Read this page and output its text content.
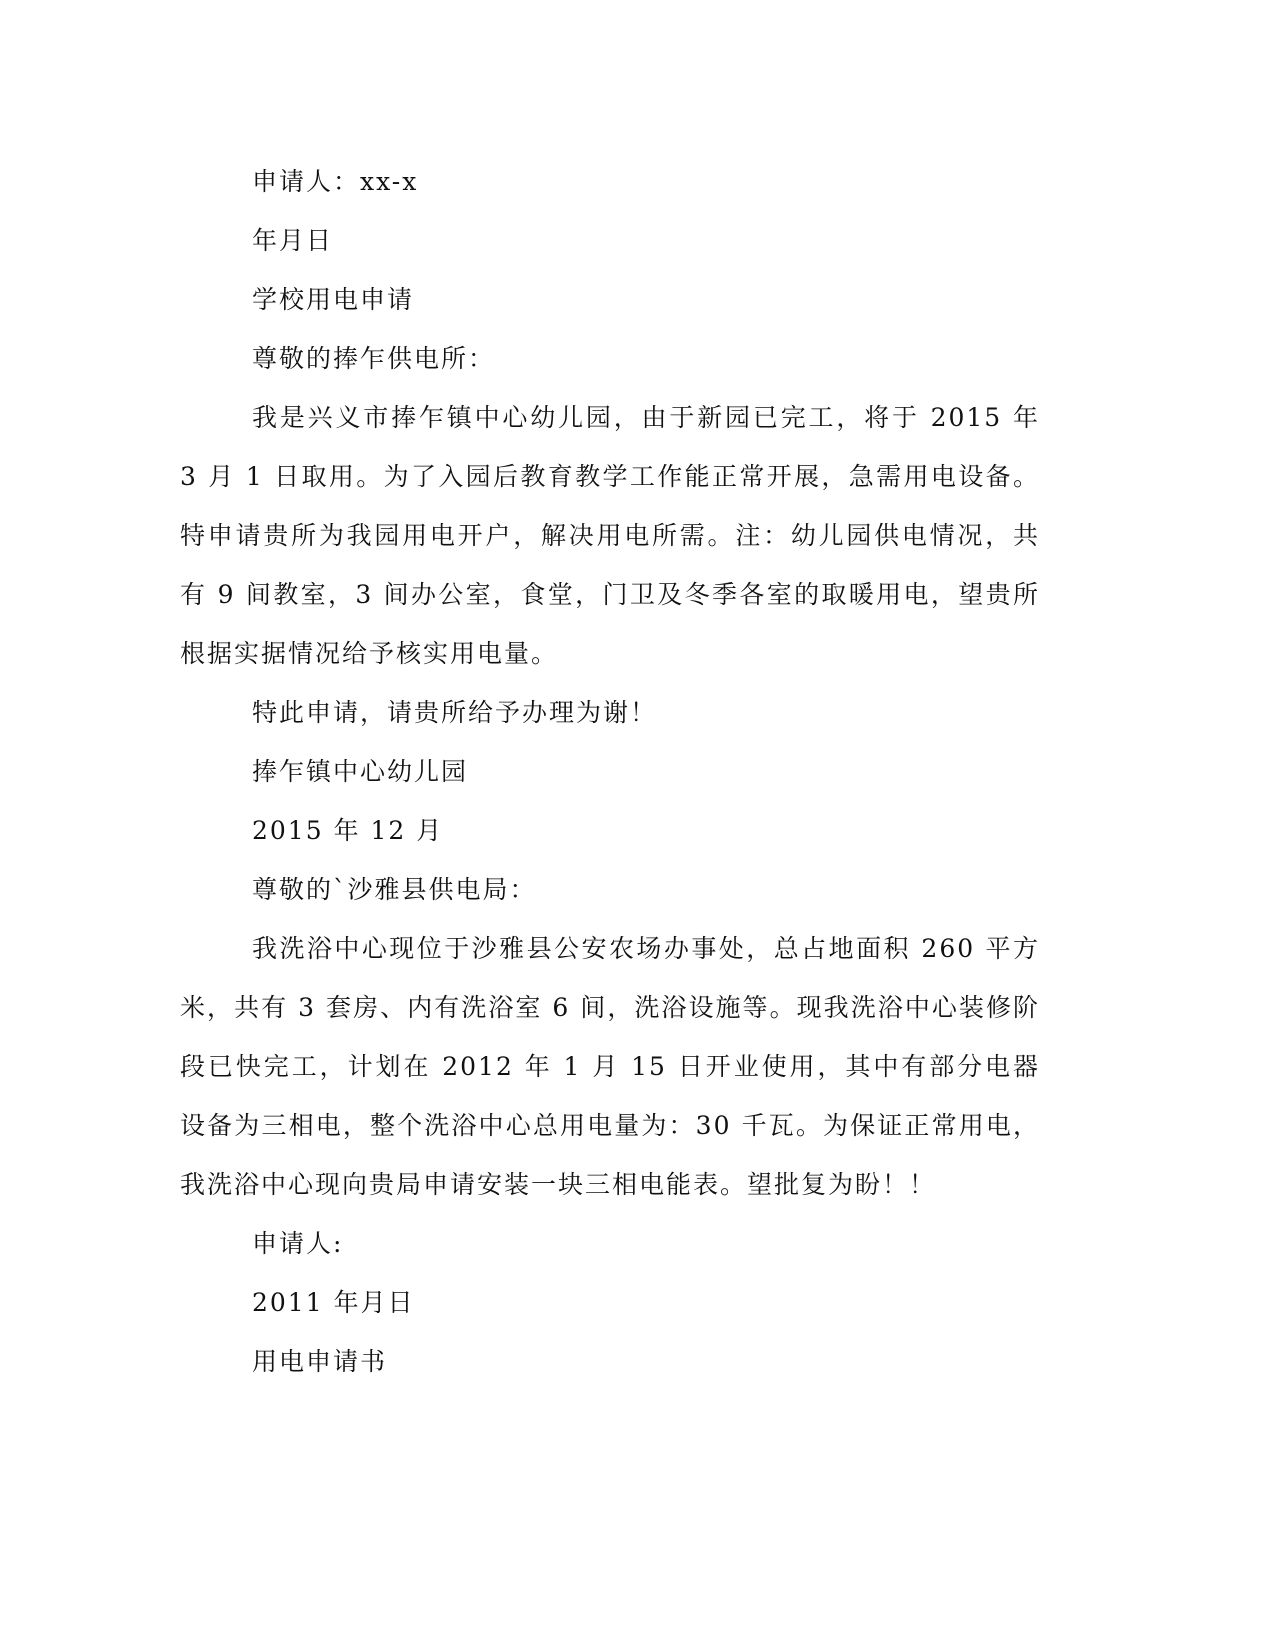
申请人：xx-x

年月日

学校用电申请

尊敬的捧乍供电所：

我是兴义市捧乍镇中心幼儿园，由于新园已完工，将于 2015 年 3 月 1 日取用。为了入园后教育教学工作能正常开展，急需用电设备。特申请贵所为我园用电开户，解决用电所需。注：幼儿园供电情况，共有 9 间教室，3 间办公室，食堂，门卫及冬季各室的取暖用电，望贵所根据实据情况给予核实用电量。

特此申请，请贵所给予办理为谢！

捧乍镇中心幼儿园

2015 年 12 月

尊敬的`沙雅县供电局：

我洗浴中心现位于沙雅县公安农场办事处，总占地面积 260 平方米，共有 3 套房、内有洗浴室 6 间，洗浴设施等。现我洗浴中心装修阶段已快完工，计划在 2012 年 1 月 15 日开业使用，其中有部分电器设备为三相电，整个洗浴中心总用电量为：30 千瓦。为保证正常用电，我洗浴中心现向贵局申请安装一块三相电能表。望批复为盼！！

申请人:

2011 年月日

用电申请书
